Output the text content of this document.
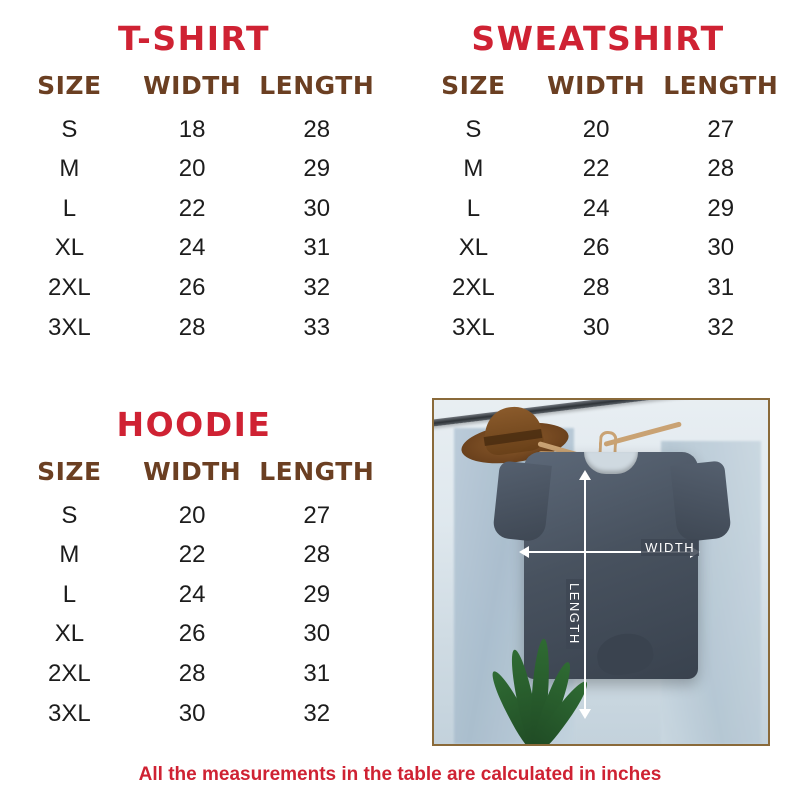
T-SHIRT
SIZE	WIDTH	LENGTH
S	18	28
M	20	29
L	22	30
XL	24	31
2XL	26	32
3XL	28	33
SWEATSHIRT
SIZE	WIDTH	LENGTH
S	20	27
M	22	28
L	24	29
XL	26	30
2XL	28	31
3XL	30	32
HOODIE
SIZE	WIDTH	LENGTH
S	20	27
M	22	28
L	24	29
XL	26	30
2XL	28	31
3XL	30	32
WIDTH
LENGTH
All the measurements in the table are calculated in inches
